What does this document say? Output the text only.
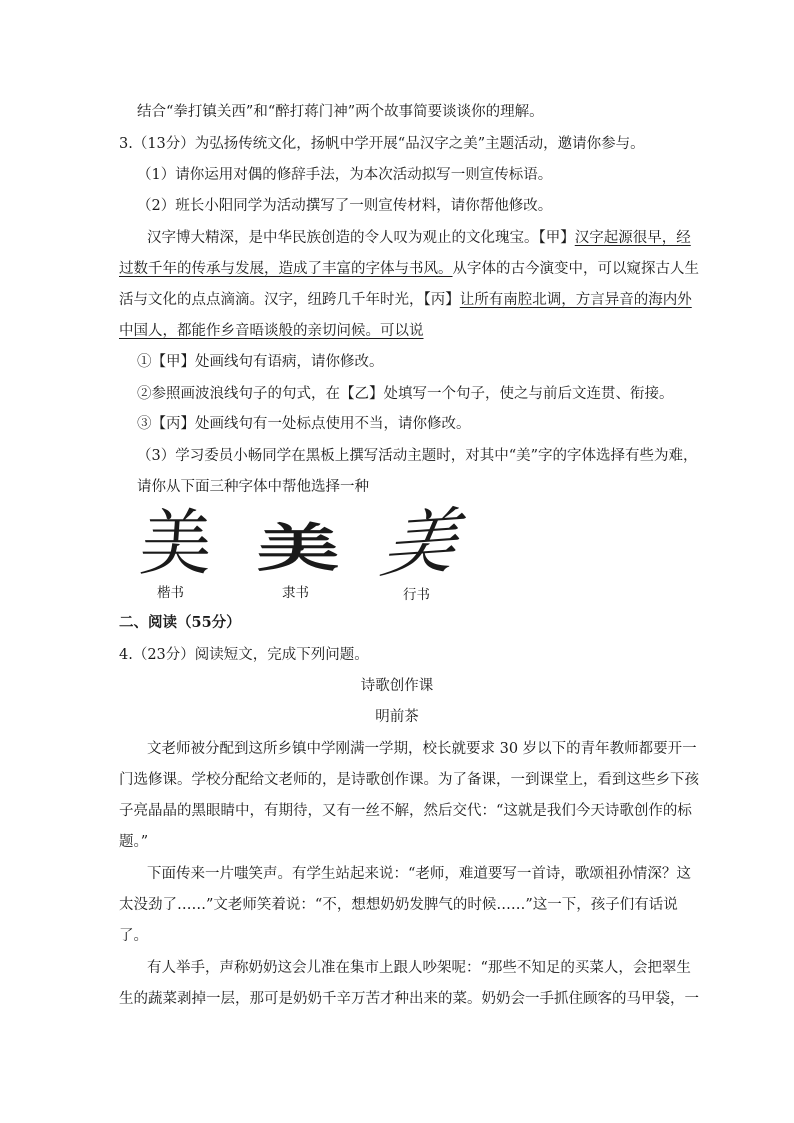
结合“拳打镇关西”和“醉打蒋门神”两个故事简要谈谈你的理解。
3.（13分）为弘扬传统文化，扬帆中学开展“品汉字之美”主题活动，邀请你参与。
（1）请你运用对偶的修辞手法，为本次活动拟写一则宣传标语。
（2）班长小阳同学为活动撰写了一则宣传材料，请你帮他修改。
汉字博大精深，是中华民族创造的令人叹为观止的文化瑰宝。【甲】汉字起源很早，经
过数千年的传承与发展，造成了丰富的字体与书风。从字体的古今演变中，可以窥探古人生
活与文化的点点滴滴。汉字，纽跨几千年时光，【丙】让所有南腔北调，方言异音的海内外
中国人，都能作乡音晤谈般的亲切问候。可以说
①【甲】处画线句有语病，请你修改。
②参照画波浪线句子的句式，在【乙】处填写一个句子，使之与前后文连贯、衔接。
③【丙】处画线句有一处标点使用不当，请你修改。
（3）学习委员小畅同学在黑板上撰写活动主题时，对其中“美”字的字体选择有些为难，
请你从下面三种字体中帮他选择一种
美
楷书
美
隶书
美
行书
二、阅读（55分）
4.（23分）阅读短文，完成下列问题。
诗歌创作课
明前茶
文老师被分配到这所乡镇中学刚满一学期，校长就要求 30 岁以下的青年教师都要开一
门选修课。学校分配给文老师的，是诗歌创作课。为了备课，一到课堂上，看到这些乡下孩
子亮晶晶的黑眼睛中，有期待，又有一丝不解，然后交代：“这就是我们今天诗歌创作的标
题。”
下面传来一片嗤笑声。有学生站起来说：“老师，难道要写一首诗，歌颂祖孙情深？这
太没劲了……”文老师笑着说：“不，想想奶奶发脾气的时候……”这一下，孩子们有话说
了。
有人举手，声称奶奶这会儿准在集市上跟人吵架呢：“那些不知足的买菜人，会把翠生
生的蔬菜剥掉一层，那可是奶奶千辛万苦才种出来的菜。奶奶会一手抓住顾客的马甲袋，一
